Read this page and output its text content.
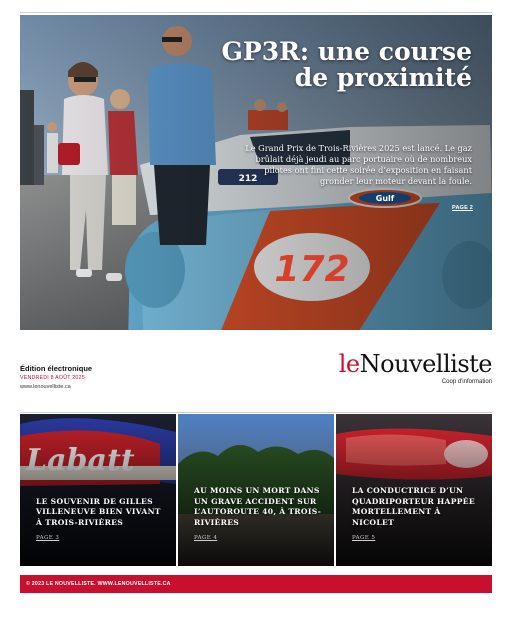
172
Gulf
212
GP3R: une course de proximité

Le Grand Prix de Trois-Rivières 2025 est lancé. Le gaz brûlait déjà jeudi au parc portuaire où de nombreux pilotes ont fini cette soirée d’exposition en faisant gronder leur moteur devant la foule.

PAGE 2
Édition électronique
VENDREDI 8 AOÛT 2025
www.lenouvelliste.ca
leNouvelliste
Coop d'information
LE SOUVENIR DE GILLES VILLENEUVE BIEN VIVANT À TROIS-RIVIÈRES
PAGE 3
AU MOINS UN MORT DANS UN GRAVE ACCIDENT SUR L’AUTOROUTE 40, À TROIS-RIVIÈRES
PAGE 4
LA CONDUCTRICE D’UN QUADRIPORTEUR HAPPÉE MORTELLEMENT À NICOLET
PAGE 5
© 2023 LE NOUVELLISTE. WWW.LENOUVELLISTE.CA
